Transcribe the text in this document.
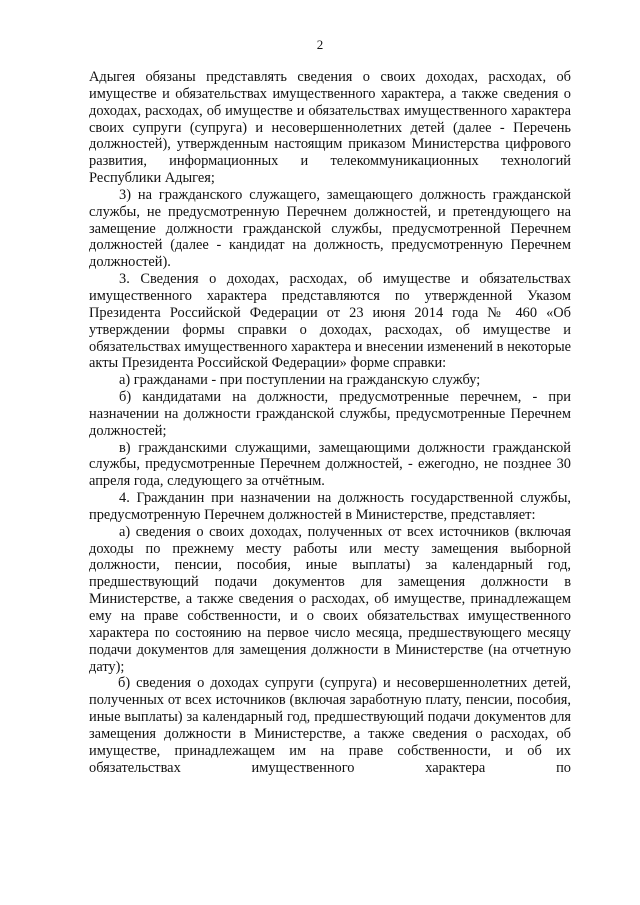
2

Адыгея обязаны представлять сведения о своих доходах, расходах, об имуществе и обязательствах имущественного характера, а также сведения о доходах, расходах, об имуществе и обязательствах имущественного характера своих супруги (супруга) и несовершеннолетних детей (далее - Перечень должностей), утвержденным настоящим приказом Министерства цифрового развития, информационных и телекоммуникационных технологий Республики Адыгея;

3) на гражданского служащего, замещающего должность гражданской службы, не предусмотренную Перечнем должностей, и претендующего на замещение должности гражданской службы, предусмотренной Перечнем должностей (далее - кандидат на должность, предусмотренную Перечнем должностей).

3. Сведения о доходах, расходах, об имуществе и обязательствах имущественного характера представляются по утвержденной Указом Президента Российской Федерации от 23 июня 2014 года № 460 «Об утверждении формы справки о доходах, расходах, об имуществе и обязательствах имущественного характера и внесении изменений в некоторые акты Президента Российской Федерации» форме справки:

а) гражданами - при поступлении на гражданскую службу;

б) кандидатами на должности, предусмотренные перечнем, - при назначении на должности гражданской службы, предусмотренные Перечнем должностей;

в) гражданскими служащими, замещающими должности гражданской службы, предусмотренные Перечнем должностей, - ежегодно, не позднее 30 апреля года, следующего за отчётным.

4. Гражданин при назначении на должность государственной службы, предусмотренную Перечнем должностей в Министерстве, представляет:

а) сведения о своих доходах, полученных от всех источников (включая доходы по прежнему месту работы или месту замещения выборной должности, пенсии, пособия, иные выплаты) за календарный год, предшествующий подачи документов для замещения должности в Министерстве, а также сведения о расходах, об имуществе, принадлежащем ему на праве собственности, и о своих обязательствах имущественного характера по состоянию на первое число месяца, предшествующего месяцу подачи документов для замещения должности в Министерстве (на отчетную дату);

б) сведения о доходах супруги (супруга) и несовершеннолетних детей, полученных от всех источников (включая заработную плату, пенсии, пособия, иные выплаты) за календарный год, предшествующий подачи документов для замещения должности в Министерстве, а также сведения о расходах, об имуществе, принадлежащем им на праве собственности, и об их обязательствах имущественного характера по
